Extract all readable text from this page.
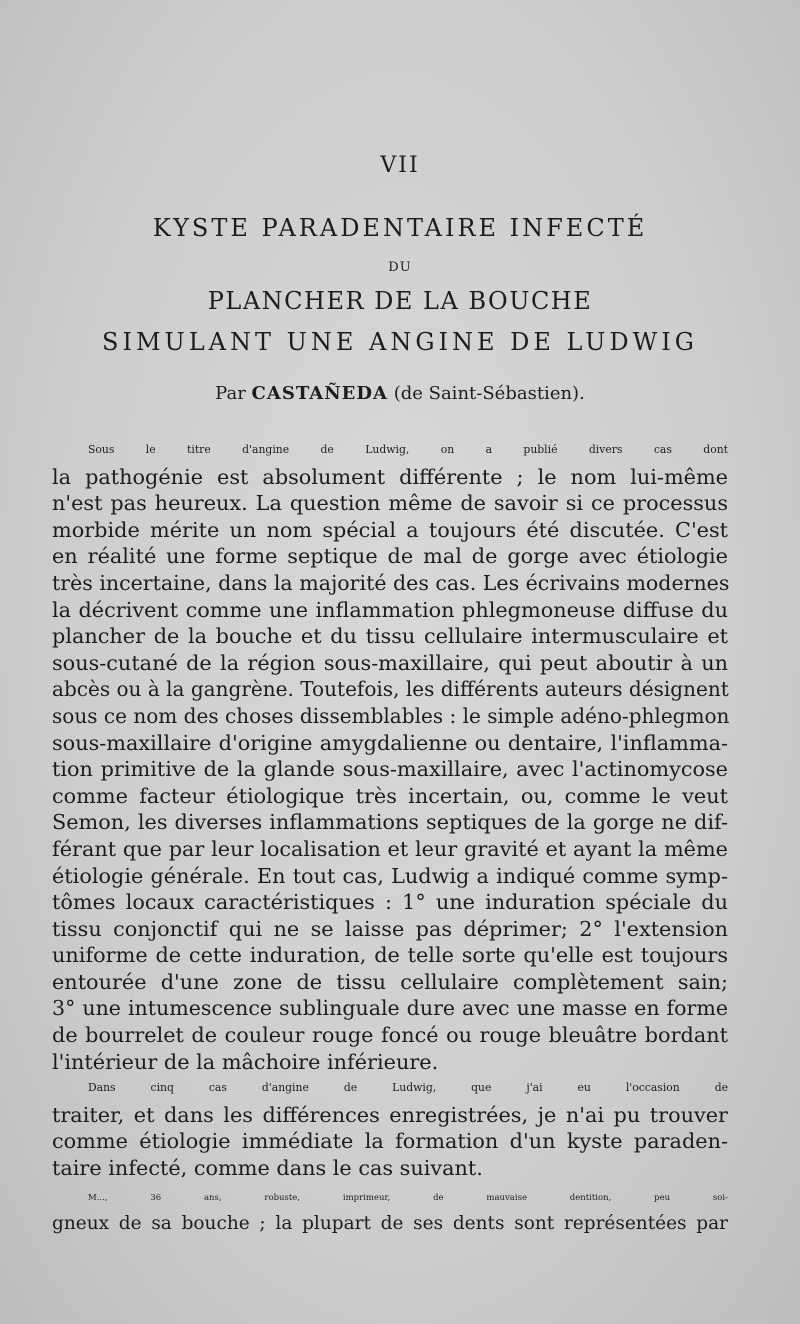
VII
KYSTE PARADENTAIRE INFECTÉ
DU
PLANCHER DE LA BOUCHE
SIMULANT UNE ANGINE DE LUDWIG
Par CASTAÑEDA (de Saint-Sébastien).
Sous le titre d'angine de Ludwig, on a publié divers cas dont
la pathogénie est absolument différente ; le nom lui-même
n'est pas heureux. La question même de savoir si ce processus
morbide mérite un nom spécial a toujours été discutée. C'est
en réalité une forme septique de mal de gorge avec étiologie
très incertaine, dans la majorité des cas. Les écrivains modernes
la décrivent comme une inflammation phlegmoneuse diffuse du
plancher de la bouche et du tissu cellulaire intermusculaire et
sous-cutané de la région sous-maxillaire, qui peut aboutir à un
abcès ou à la gangrène. Toutefois, les différents auteurs désignent
sous ce nom des choses dissemblables : le simple adéno-phlegmon
sous-maxillaire d'origine amygdalienne ou dentaire, l'inflamma-
tion primitive de la glande sous-maxillaire, avec l'actinomycose
comme facteur étiologique très incertain, ou, comme le veut
Semon, les diverses inflammations septiques de la gorge ne dif-
férant que par leur localisation et leur gravité et ayant la même
étiologie générale. En tout cas, Ludwig a indiqué comme symp-
tômes locaux caractéristiques : 1° une induration spéciale du
tissu conjonctif qui ne se laisse pas déprimer; 2° l'extension
uniforme de cette induration, de telle sorte qu'elle est toujours
entourée d'une zone de tissu cellulaire complètement sain;
3° une intumescence sublinguale dure avec une masse en forme
de bourrelet de couleur rouge foncé ou rouge bleuâtre bordant
l'intérieur de la mâchoire inférieure.
Dans cinq cas d'angine de Ludwig, que j'ai eu l'occasion de
traiter, et dans les différences enregistrées, je n'ai pu trouver
comme étiologie immédiate la formation d'un kyste paraden-
taire infecté, comme dans le cas suivant.
M..., 36 ans, robuste, imprimeur, de mauvaise dentition, peu soi-
gneux de sa bouche ; la plupart de ses dents sont représentées par
